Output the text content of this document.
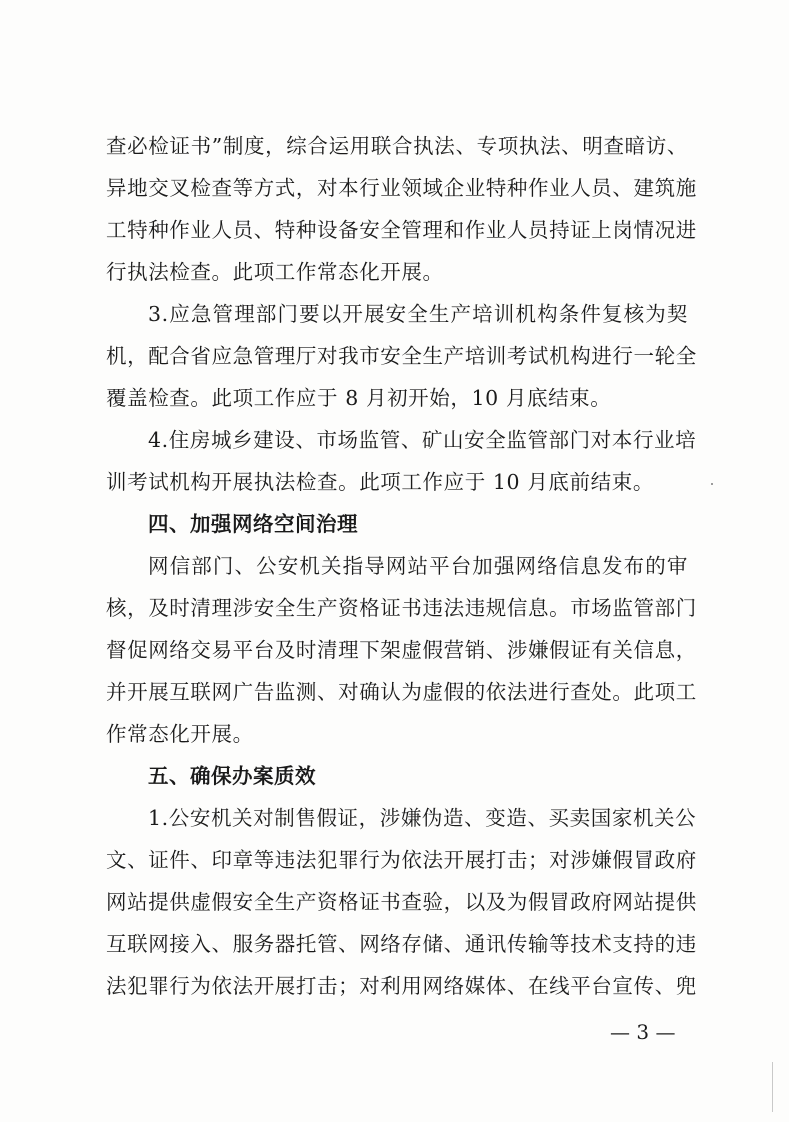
查必检证书”制度，综合运用联合执法、专项执法、明查暗访、
异地交叉检查等方式，对本行业领域企业特种作业人员、建筑施
工特种作业人员、特种设备安全管理和作业人员持证上岗情况进
行执法检查。此项工作常态化开展。
3.应急管理部门要以开展安全生产培训机构条件复核为契
机，配合省应急管理厅对我市安全生产培训考试机构进行一轮全
覆盖检查。此项工作应于 8 月初开始，10 月底结束。
4.住房城乡建设、市场监管、矿山安全监管部门对本行业培
训考试机构开展执法检查。此项工作应于 10 月底前结束。
四、加强网络空间治理
网信部门、公安机关指导网站平台加强网络信息发布的审
核，及时清理涉安全生产资格证书违法违规信息。市场监管部门
督促网络交易平台及时清理下架虚假营销、涉嫌假证有关信息，
并开展互联网广告监测、对确认为虚假的依法进行查处。此项工
作常态化开展。
五、确保办案质效
1.公安机关对制售假证，涉嫌伪造、变造、买卖国家机关公
文、证件、印章等违法犯罪行为依法开展打击；对涉嫌假冒政府
网站提供虚假安全生产资格证书查验，以及为假冒政府网站提供
互联网接入、服务器托管、网络存储、通讯传输等技术支持的违
法犯罪行为依法开展打击；对利用网络媒体、在线平台宣传、兜
— 3 —
